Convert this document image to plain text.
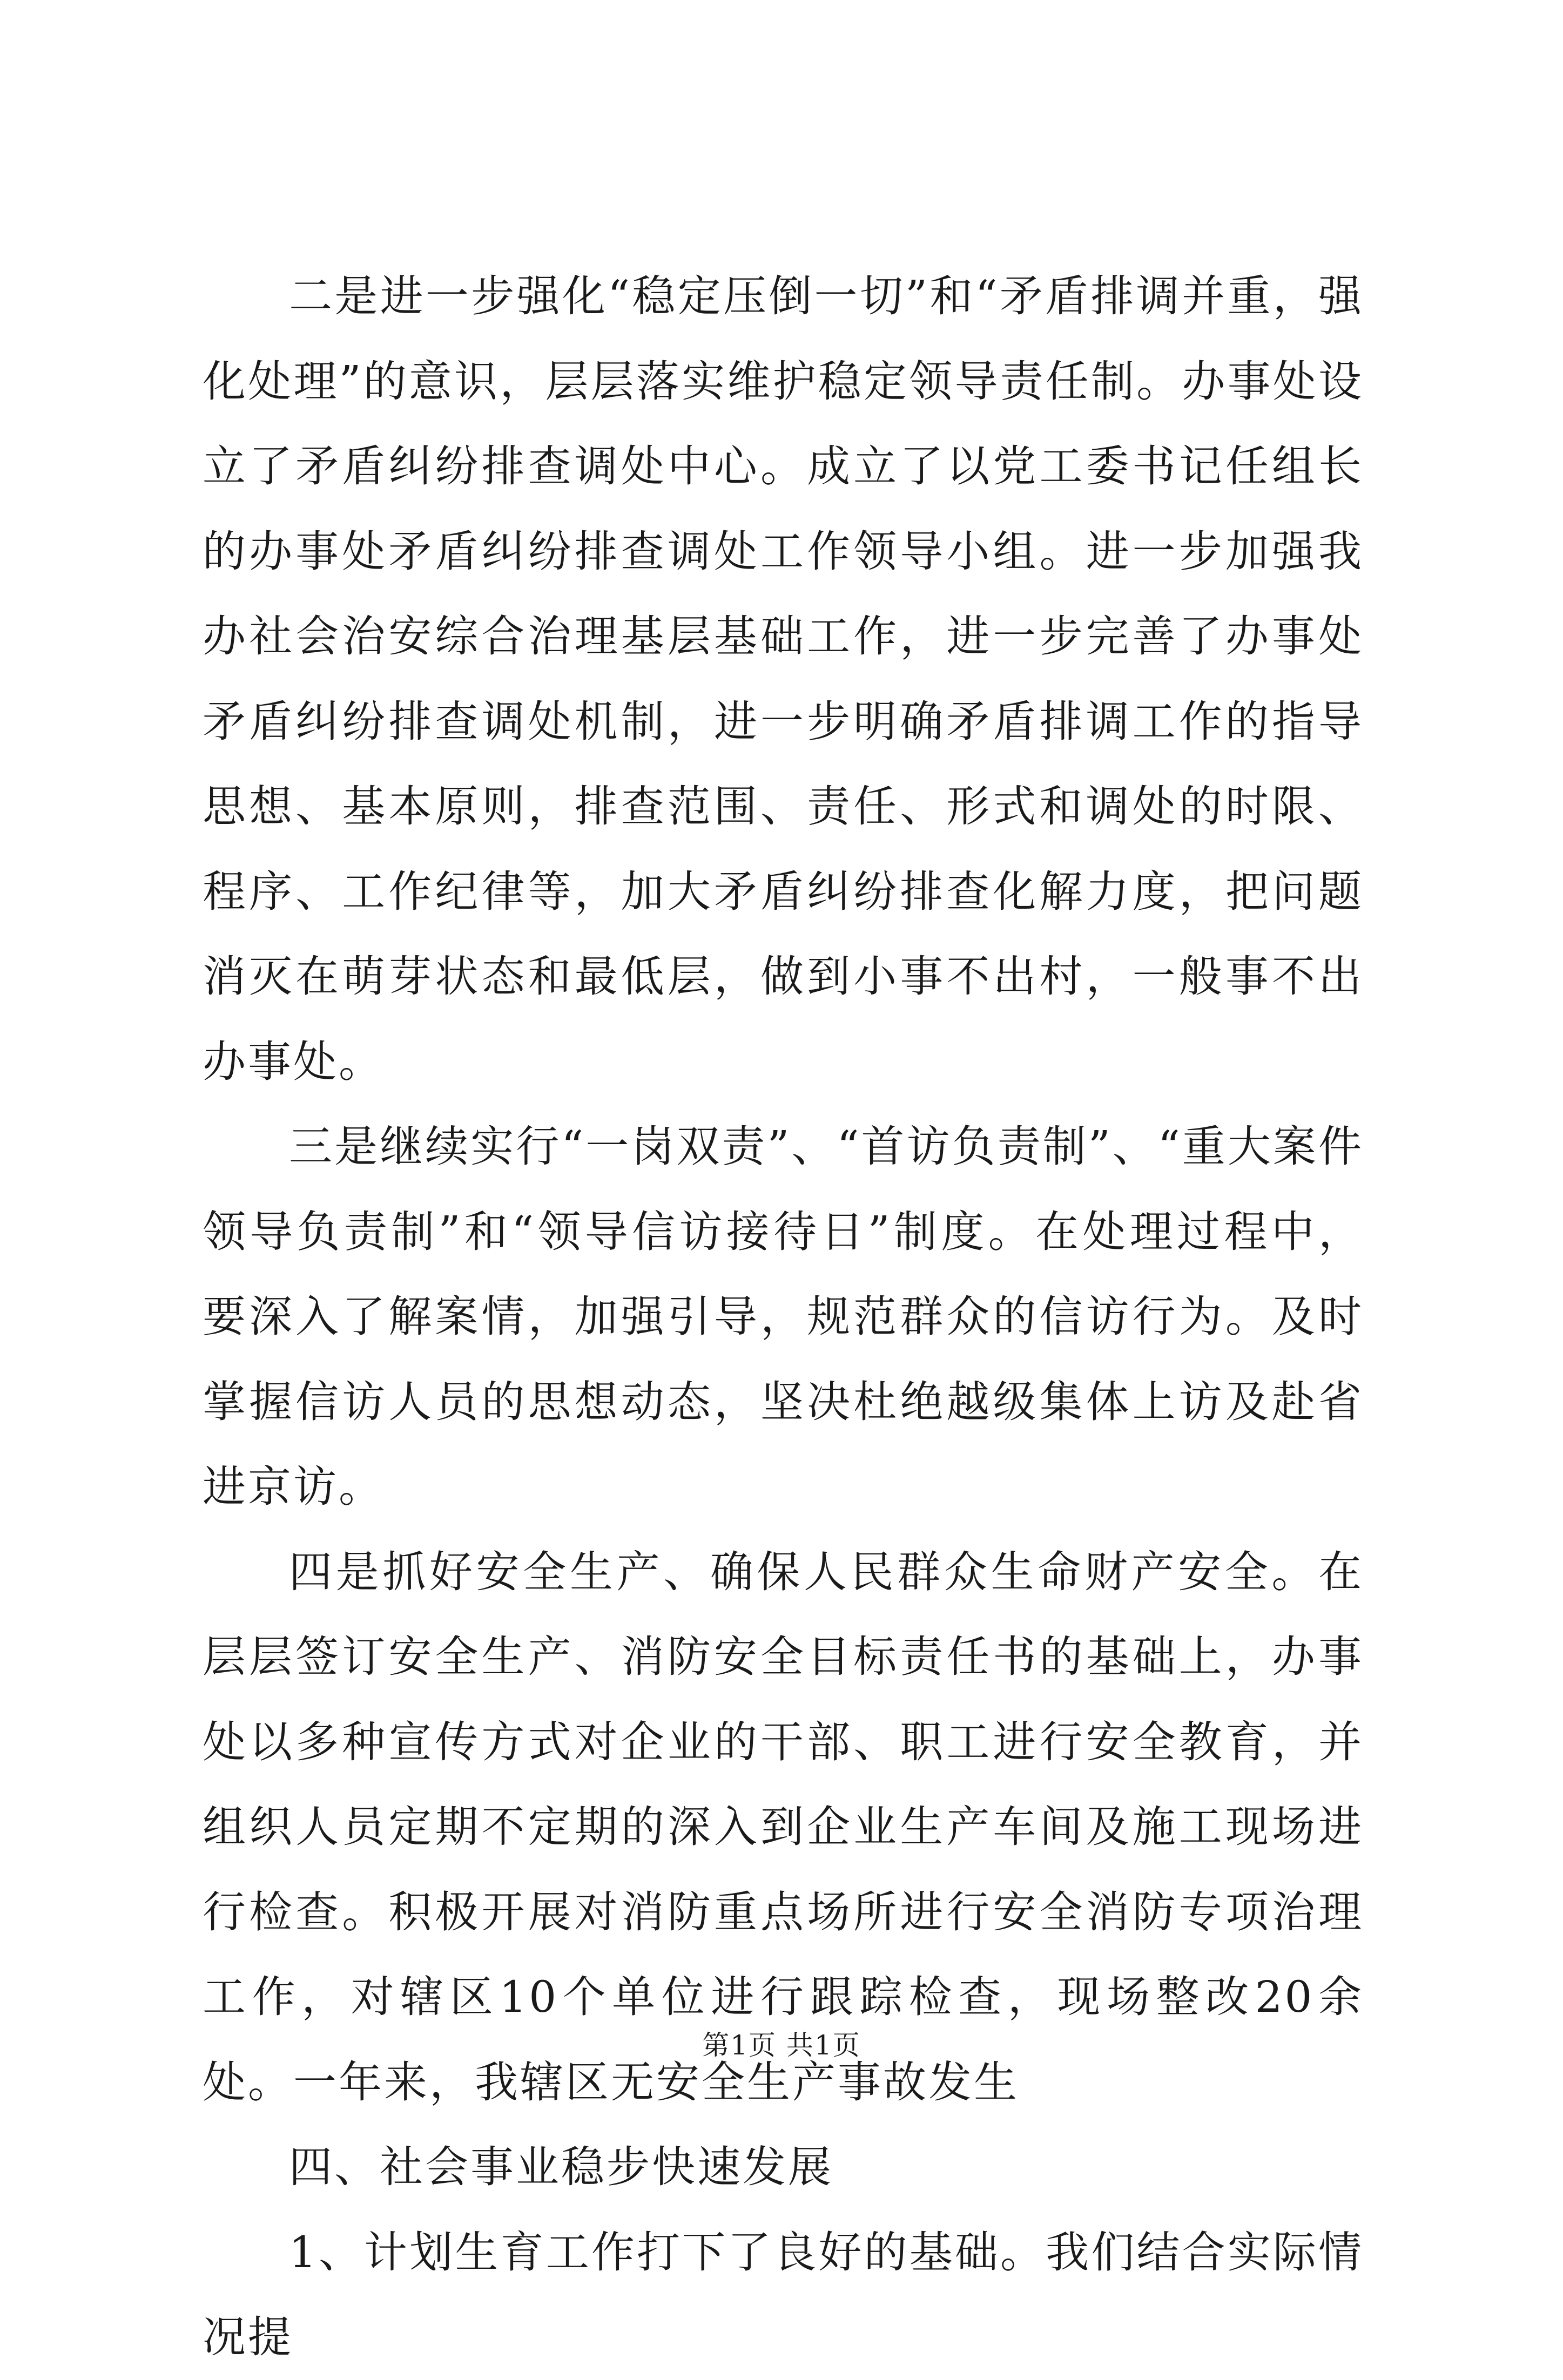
二是进一步强化“稳定压倒一切”和“矛盾排调并重，强化处理”的意识，层层落实维护稳定领导责任制。办事处设立了矛盾纠纷排查调处中心。成立了以党工委书记任组长的办事处矛盾纠纷排查调处工作领导小组。进一步加强我办社会治安综合治理基层基础工作，进一步完善了办事处矛盾纠纷排查调处机制，进一步明确矛盾排调工作的指导思想、基本原则，排查范围、责任、形式和调处的时限、程序、工作纪律等，加大矛盾纠纷排查化解力度，把问题消灭在萌芽状态和最低层，做到小事不出村，一般事不出办事处。

三是继续实行“一岗双责”、“首访负责制”、“重大案件领导负责制”和“领导信访接待日”制度。在处理过程中，要深入了解案情，加强引导，规范群众的信访行为。及时掌握信访人员的思想动态，坚决杜绝越级集体上访及赴省进京访。

四是抓好安全生产、确保人民群众生命财产安全。在层层签订安全生产、消防安全目标责任书的基础上，办事处以多种宣传方式对企业的干部、职工进行安全教育，并组织人员定期不定期的深入到企业生产车间及施工现场进行检查。积极开展对消防重点场所进行安全消防专项治理工作，对辖区10个单位进行跟踪检查，现场整改20余处。一年来，我辖区无安全生产事故发生

四、社会事业稳步快速发展

1、计划生育工作打下了良好的基础。我们结合实际情况提

第1页 共1页
